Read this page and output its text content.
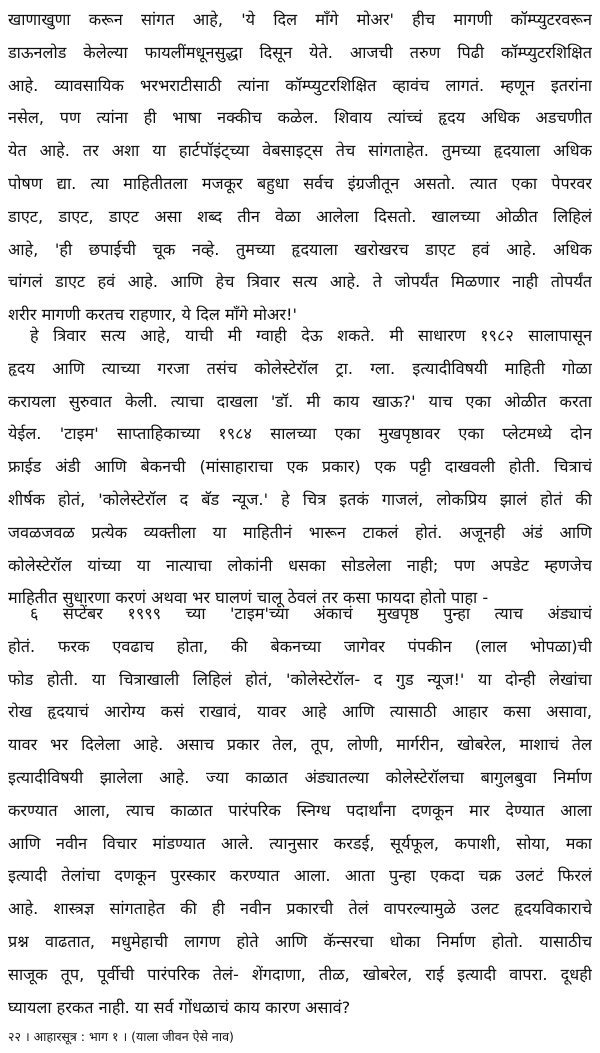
खाणाखुणा करून सांगत आहे, 'ये दिल माँगे मोअर' हीच मागणी कॉम्प्युटरवरून
डाऊनलोड केलेल्या फायलींमधूनसुद्धा दिसून येते. आजची तरुण पिढी कॉम्प्युटरशिक्षित
आहे. व्यावसायिक भरभराटीसाठी त्यांना कॉम्प्युटरशिक्षित व्हावंच लागतं. म्हणून इतरांना
नसेल, पण त्यांना ही भाषा नक्कीच कळेल. शिवाय त्यांच्चं हृदय अधिक अडचणीत
येत आहे. तर अशा या हार्टपॉइंट्च्या वेबसाइट्स तेच सांगताहेत. तुमच्या हृदयाला अधिक
पोषण द्या. त्या माहितीतला मजकूर बहुधा सर्वच इंग्रजीतून असतो. त्यात एका पेपरवर
डाएट, डाएट, डाएट असा शब्द तीन वेळा आलेला दिसतो. खालच्या ओळीत लिहिलं
आहे, 'ही छपाईची चूक नव्हे. तुमच्या हृदयाला खरोखरच डाएट हवं आहे. अधिक
चांगलं डाएट हवं आहे. आणि हेच त्रिवार सत्य आहे. ते जोपर्यंत मिळणार नाही तोपर्यंत
शरीर मागणी करतच राहणार, ये दिल माँगे मोअर!'
हे त्रिवार सत्य आहे, याची मी ग्वाही देऊ शकते. मी साधारण १९८२ सालापासून
हृदय आणि त्याच्या गरजा तसंच कोलेस्टेरॉल ट्रा. ग्ला. इत्यादीविषयी माहिती गोळा
करायला सुरुवात केली. त्याचा दाखला 'डॉ. मी काय खाऊ?' याच एका ओळीत करता
येईल. 'टाइम' साप्ताहिकाच्या १९८४ सालच्या एका मुखपृष्ठावर एका प्लेटमध्ये दोन
फ्राईड अंडी आणि बेकनची (मांसाहाराचा एक प्रकार) एक पट्टी दाखवली होती. चित्राचं
शीर्षक होतं, 'कोलेस्टेरॉल द बॅड न्यूज.' हे चित्र इतकं गाजलं, लोकप्रिय झालं होतं की
जवळजवळ प्रत्येक व्यक्तीला या माहितीनं भारून टाकलं होतं. अजूनही अंडं आणि
कोलेस्टेरॉल यांच्या या नात्याचा लोकांनी धसका सोडलेला नाही; पण अपडेट म्हणजेच
माहितीत सुधारणा करणं अथवा भर घालणं चालू ठेवलं तर कसा फायदा होतो पाहा -
६ सप्टेंबर १९९९ च्या 'टाइम'च्या अंकाचं मुखपृष्ठ पुन्हा त्याच अंड्याचं
होतं. फरक एवढाच होता, की बेकनच्या जागेवर पंपकीन (लाल भोपळा)ची
फोड होती. या चित्राखाली लिहिलं होतं, 'कोलेस्टेरॉल- द गुड न्यूज!' या दोन्ही लेखांचा
रोख हृदयाचं आरोग्य कसं राखावं, यावर आहे आणि त्यासाठी आहार कसा असावा,
यावर भर दिलेला आहे. असाच प्रकार तेल, तूप, लोणी, मार्गरीन, खोबरेल, माशाचं तेल
इत्यादीविषयी झालेला आहे. ज्या काळात अंड्यातल्या कोलेस्टेरॉलचा बागुलबुवा निर्माण
करण्यात आला, त्याच काळात पारंपरिक स्निग्ध पदार्थांना दणकून मार देण्यात आला
आणि नवीन विचार मांडण्यात आले. त्यानुसार करडई, सूर्यफूल, कपाशी, सोया, मका
इत्यादी तेलांचा दणकून पुरस्कार करण्यात आला. आता पुन्हा एकदा चक्र उलटं फिरलं
आहे. शास्त्रज्ञ सांगताहेत की ही नवीन प्रकारची तेलं वापरल्यामुळे उलट हृदयविकाराचे
प्रश्न वाढतात, मधुमेहाची लागण होते आणि कॅन्सरचा धोका निर्माण होतो. यासाठीच
साजूक तूप, पूर्वीची पारंपरिक तेलं- शेंगदाणा, तीळ, खोबरेल, राई इत्यादी वापरा. दूधही
घ्यायला हरकत नाही. या सर्व गोंधळाचं काय कारण असावं?
२२ । आहारसूत्र : भाग १ । (याला जीवन ऐसे नाव)
